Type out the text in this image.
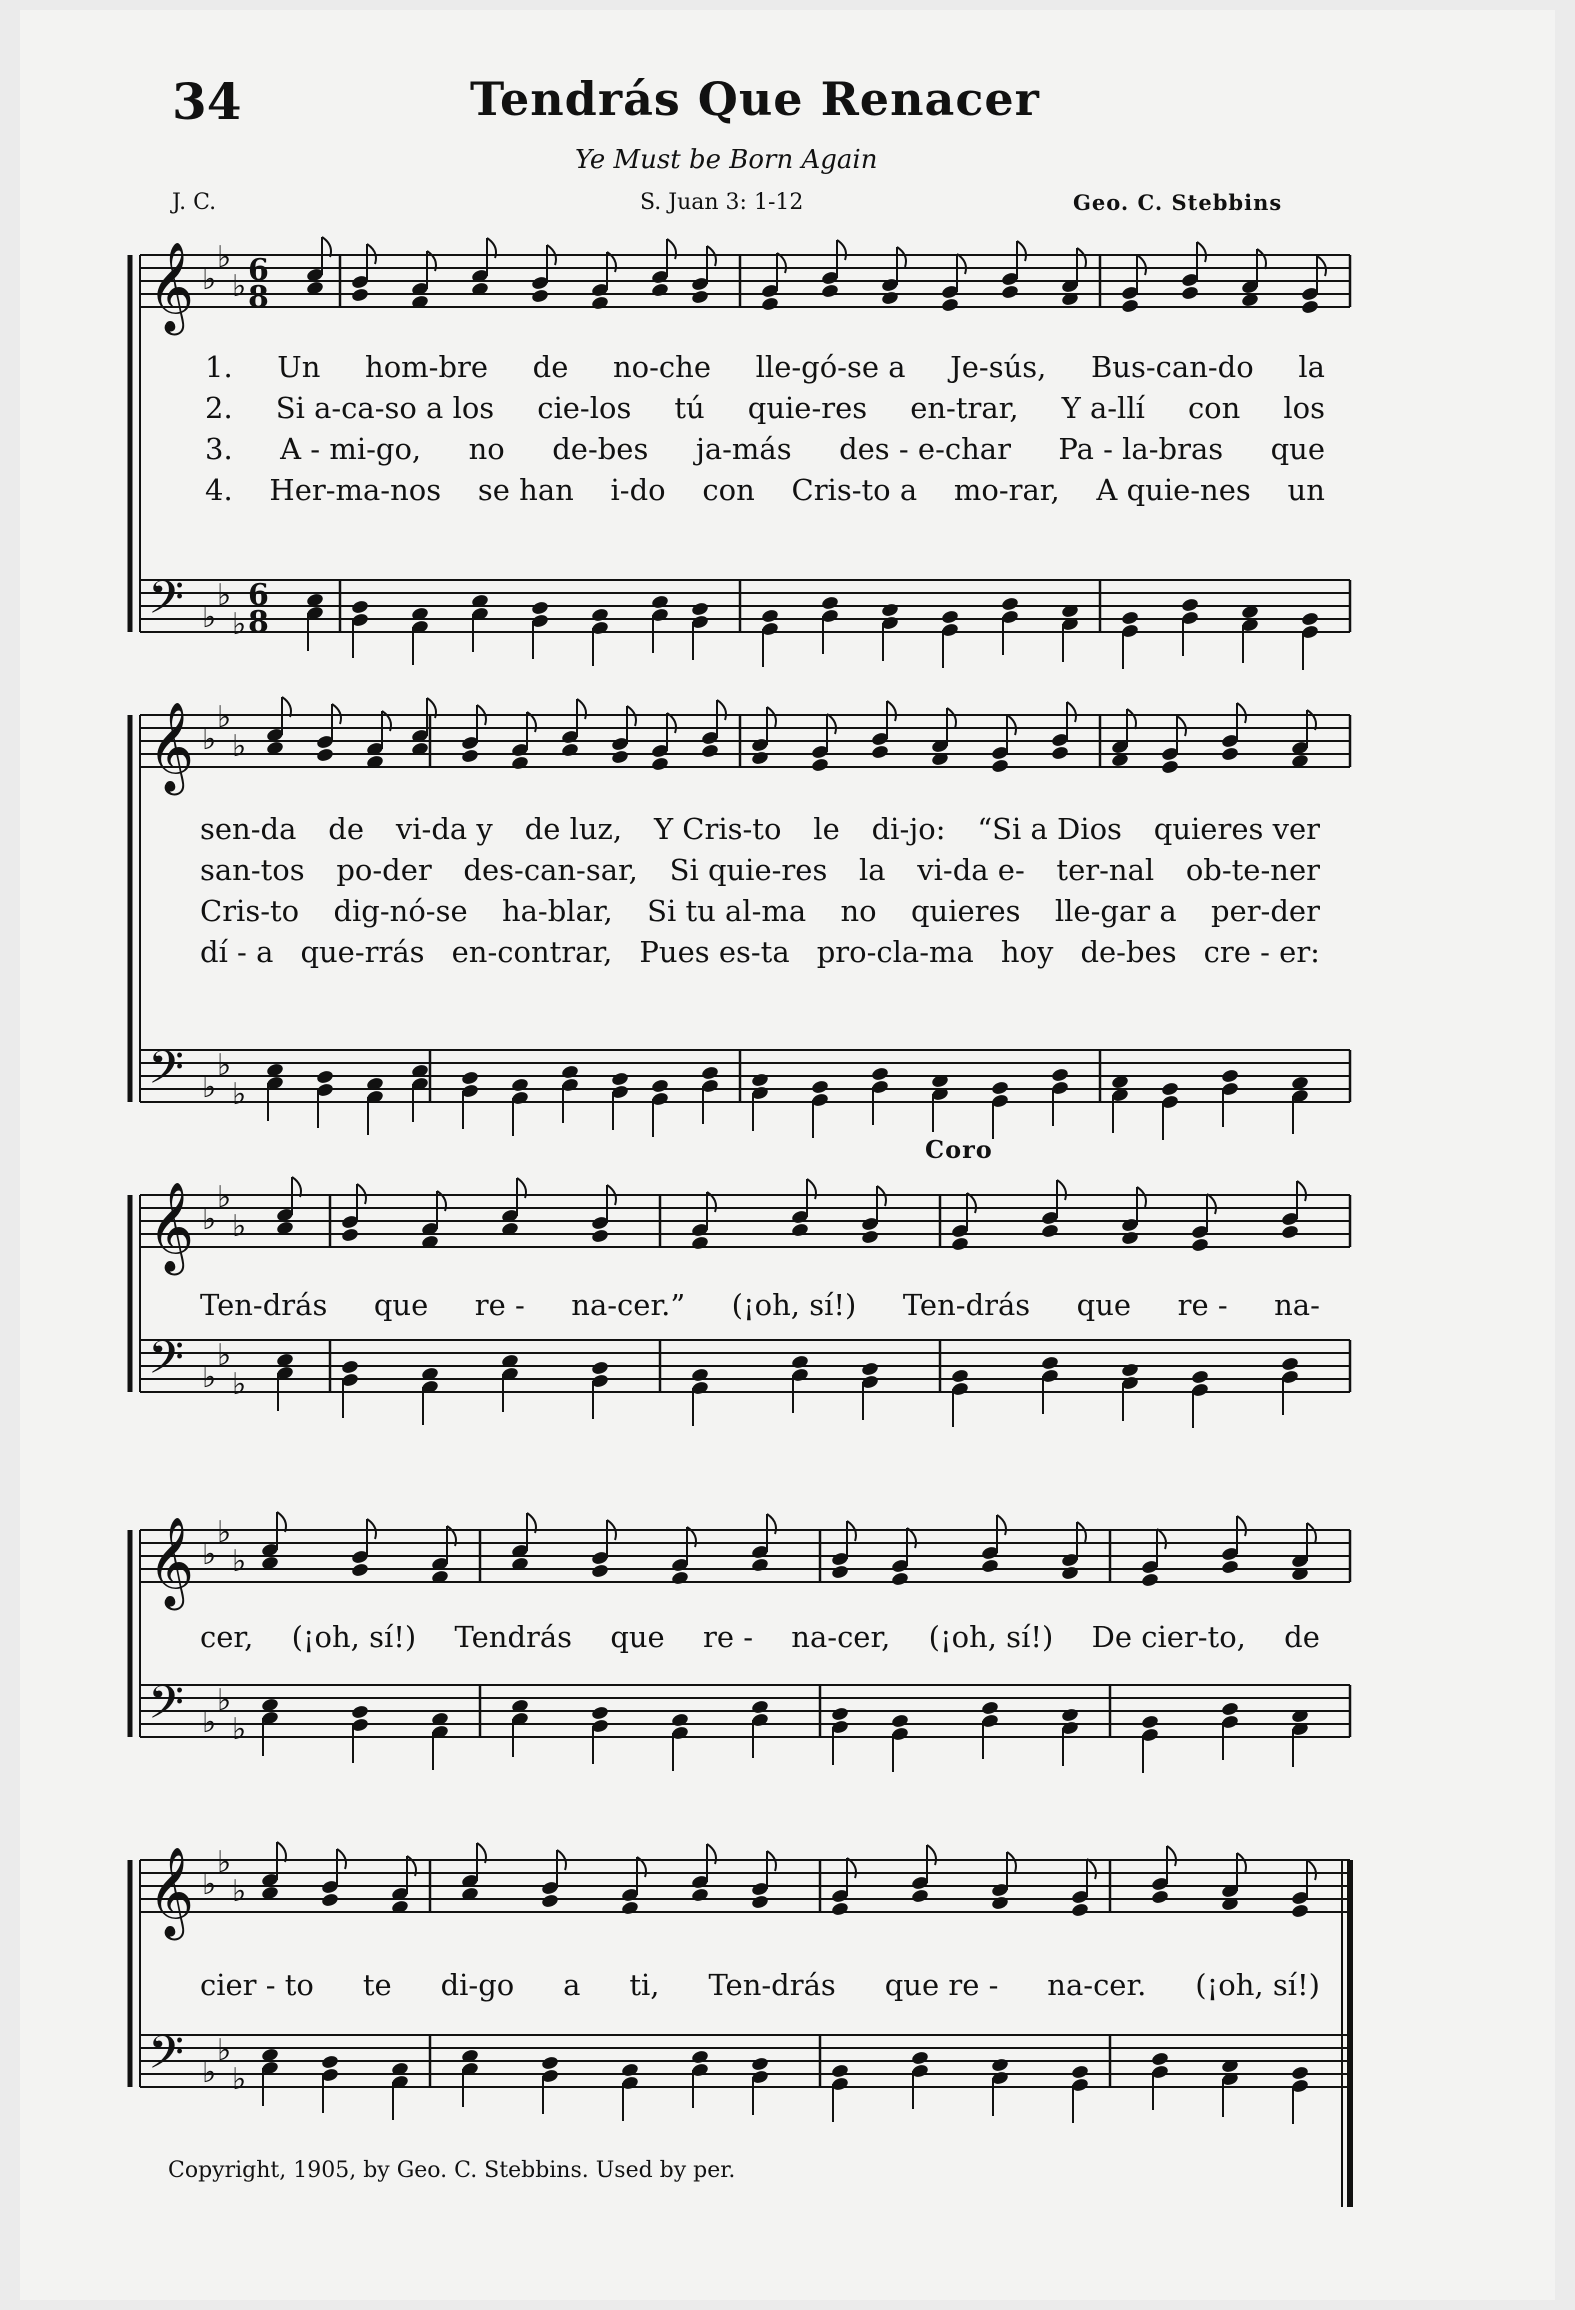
34	Tendrás Que Renacer
Ye Must be Born Again
J. C.	S. Juan 3: 1-12	Geo. C. Stebbins
𝄞 ♭
♭
♭ 6
8
𝄢 ♭
♭
♭
6
8
𝄞 ♭
♭
♭
𝄢 ♭
♭
♭
𝄞 ♭
♭
♭
𝄢 ♭
♭
♭
𝄞 ♭
♭
♭
𝄢 ♭
♭
♭
𝄞 ♭
♭
♭
𝄢 ♭
♭
♭
1. Un hom-bre de no-che lle-gó-se a Je-sús, Bus-can-do la
2. Si a-ca-so a los cie-los tú quie-res en-trar, Y a-llí con los
3. A - mi-go, no de-bes ja-más des - e-char Pa - la-bras que
4. Her-ma-nos se han i-do con Cris-to a mo-rar, A quie-nes un
sen-da de vi-da y de luz, Y Cris-to le di-jo: “Si a Dios quieres ver
san-tos po-der des-can-sar, Si quie-res la vi-da e- ter-nal ob-te-ner
Cris-to dig-nó-se ha-blar, Si tu al-ma no quieres lle-gar a per-der
dí - a que-rrás en-contrar, Pues es-ta pro-cla-ma hoy de-bes cre - er:
Coro
Ten-drás que re - na-cer.” (¡oh, sí!) Ten-drás que re - na-
cer, (¡oh, sí!) Tendrás que re - na-cer, (¡oh, sí!) De cier-to, de
cier - to te di-go a ti, Ten-drás que re - na-cer. (¡oh, sí!)
Copyright, 1905, by Geo. C. Stebbins. Used by per.
